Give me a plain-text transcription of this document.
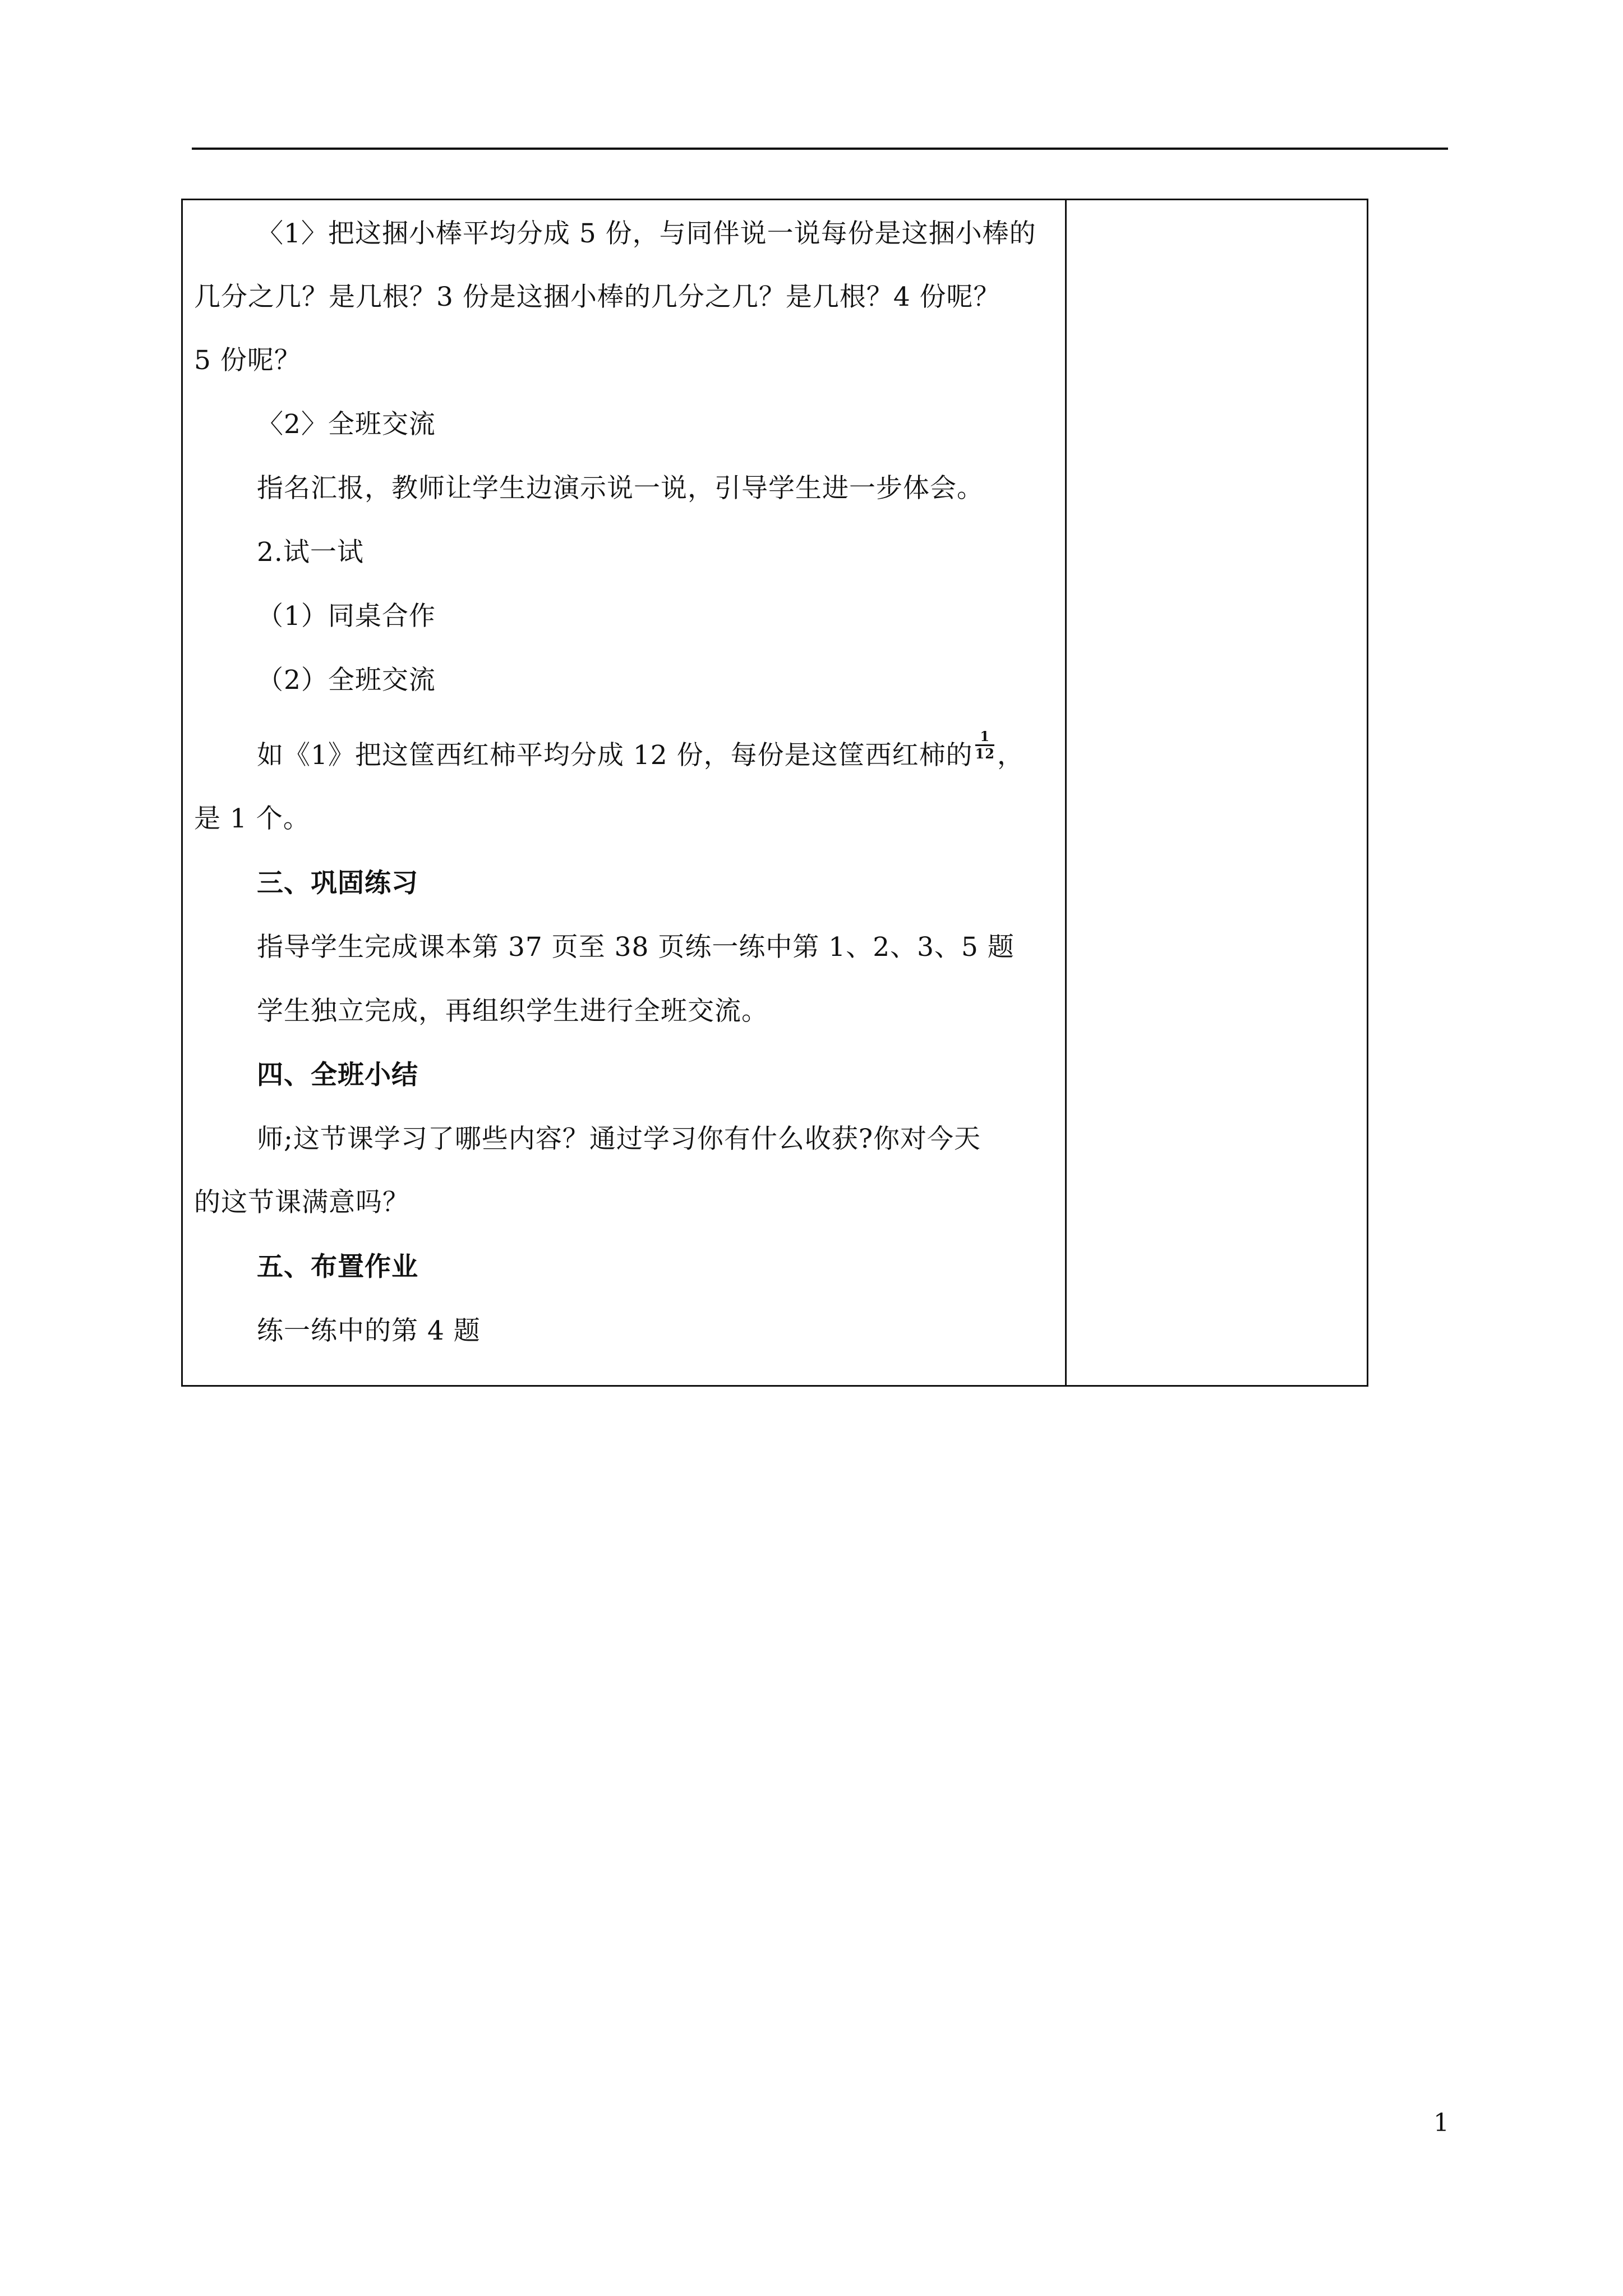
〈1〉把这捆小棒平均分成 5 份，与同伴说一说每份是这捆小棒的
几分之几？是几根？3 份是这捆小棒的几分之几？是几根？4 份呢？
5 份呢？
〈2〉全班交流
指名汇报，教师让学生边演示说一说，引导学生进一步体会。
2.试一试
（1）同桌合作
（2）全班交流
如《1》把这筐西红柿平均分成 12 份，每份是这筐西红柿的 $\frac{1}{12}$ ，
是 1 个。
三、巩固练习
指导学生完成课本第 37 页至 38 页练一练中第 1、2、3、5 题
学生独立完成，再组织学生进行全班交流。
四、全班小结
师;这节课学习了哪些内容？通过学习你有什么收获?你对今天
的这节课满意吗？
五、布置作业
练一练中的第 4 题

1
